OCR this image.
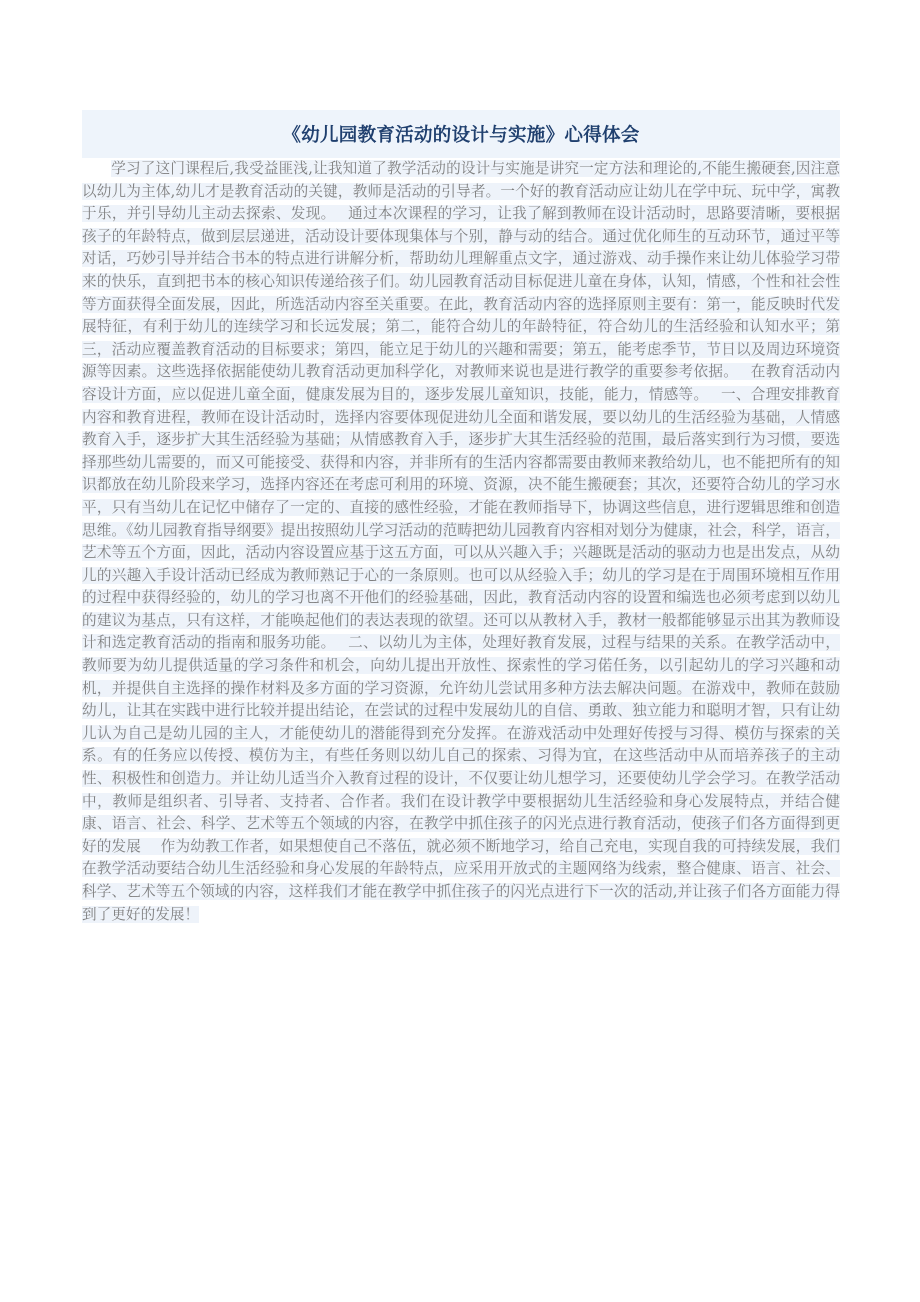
《幼儿园教育活动的设计与实施》心得体会

学习了这门课程后,我受益匪浅,让我知道了教学活动的设计与实施是讲究一定方法和理论的,不能生搬硬套,因注意以幼儿为主体,幼儿才是教育活动的关键，教师是活动的引导者。一个好的教育活动应让幼儿在学中玩、玩中学，寓教于乐，并引导幼儿主动去探索、发现。　 通过本次课程的学习，让我了解到教师在设计活动时，思路要清晰，要根据孩子的年龄特点，做到层层递进，活动设计要体现集体与个别，静与动的结合。通过优化师生的互动环节，通过平等对话，巧妙引导并结合书本的特点进行讲解分析，帮助幼儿理解重点文字，通过游戏、动手操作来让幼儿体验学习带来的快乐，直到把书本的核心知识传递给孩子们。幼儿园教育活动目标促进儿童在身体，认知，情感，个性和社会性等方面获得全面发展，因此，所选活动内容至关重要。在此，教育活动内容的选择原则主要有：第一，能反映时代发展特征，有利于幼儿的连续学习和长远发展；第二，能符合幼儿的年龄特征，符合幼儿的生活经验和认知水平；第三，活动应覆盖教育活动的目标要求；第四，能立足于幼儿的兴趣和需要；第五，能考虑季节，节日以及周边环境资源等因素。这些选择依据能使幼儿教育活动更加科学化，对教师来说也是进行教学的重要参考依据。　 在教育活动内容设计方面，应以促进儿童全面，健康发展为目的，逐步发展儿童知识，技能，能力，情感等。　 一、合理安排教育内容和教育进程，教师在设计活动时，选择内容要体现促进幼儿全面和谐发展，要以幼儿的生活经验为基础，人情感教育入手，逐步扩大其生活经验为基础；从情感教育入手，逐步扩大其生活经验的范围，最后落实到行为习惯，要选择那些幼儿需要的，而又可能接受、获得和内容，并非所有的生活内容都需要由教师来教给幼儿，也不能把所有的知识都放在幼儿阶段来学习，选择内容还在考虑可利用的环境、资源，决不能生搬硬套；其次，还要符合幼儿的学习水平，只有当幼儿在记忆中储存了一定的、直接的感性经验，才能在教师指导下，协调这些信息，进行逻辑思维和创造思维。《幼儿园教育指导纲要》提出按照幼儿学习活动的范畴把幼儿园教育内容相对划分为健康，社会，科学，语言，艺术等五个方面，因此，活动内容设置应基于这五方面，可以从兴趣入手；兴趣既是活动的驱动力也是出发点，从幼儿的兴趣入手设计活动已经成为教师熟记于心的一条原则。也可以从经验入手；幼儿的学习是在于周围环境相互作用的过程中获得经验的，幼儿的学习也离不开他们的经验基础，因此，教育活动内容的设置和编选也必须考虑到以幼儿的建议为基点，只有这样，才能唤起他们的表达表现的欲望。还可以从教材入手，教材一般都能够显示出其为教师设计和选定教育活动的指南和服务功能。　 二、以幼儿为主体，处理好教育发展，过程与结果的关系。在教学活动中，教师要为幼儿提供适量的学习条件和机会，向幼儿提出开放性、探索性的学习偌任务，以引起幼儿的学习兴趣和动机，并提供自主选择的操作材料及多方面的学习资源，允许幼儿尝试用多种方法去解决问题。在游戏中，教师在鼓励幼儿，让其在实践中进行比较并提出结论，在尝试的过程中发展幼儿的自信、勇敢、独立能力和聪明才智，只有让幼儿认为自己是幼儿园的主人，才能使幼儿的潜能得到充分发挥。在游戏活动中处理好传授与习得、模仿与探索的关系。有的任务应以传授、模仿为主，有些任务则以幼儿自己的探索、习得为宜，在这些活动中从而培养孩子的主动性、积极性和创造力。并让幼儿适当介入教育过程的设计，不仅要让幼儿想学习，还要使幼儿学会学习。在教学活动中，教师是组织者、引导者、支持者、合作者。我们在设计教学中要根据幼儿生活经验和身心发展特点，并结合健康、语言、社会、科学、艺术等五个领域的内容，在教学中抓住孩子的闪光点进行教育活动，使孩子们各方面得到更好的发展　 作为幼教工作者，如果想使自己不落伍，就必须不断地学习，给自己充电，实现自我的可持续发展，我们在教学活动要结合幼儿生活经验和身心发展的年龄特点，应采用开放式的主题网络为线索，整合健康、语言、社会、科学、艺术等五个领域的内容，这样我们才能在教学中抓住孩子的闪光点进行下一次的活动,并让孩子们各方面能力得到了更好的发展！
